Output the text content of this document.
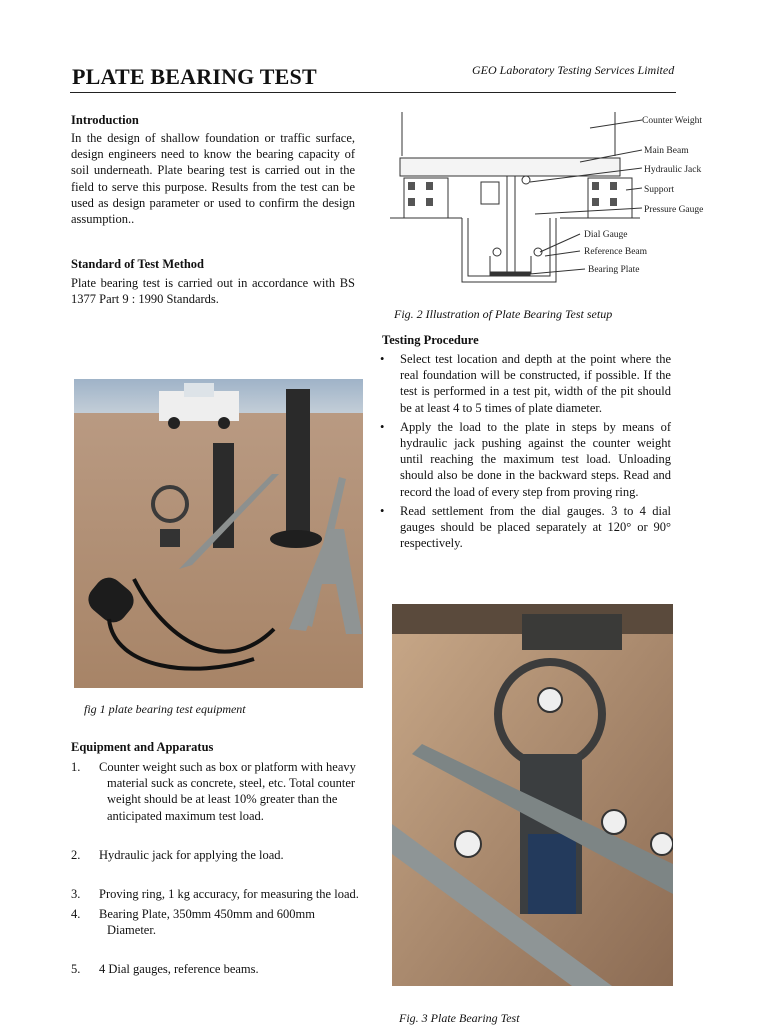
PLATE BEARING TEST	GEO Laboratory Testing Services Limited
Introduction
In the design of shallow foundation or traffic surface, design engineers need to know the bearing capacity of soil underneath. Plate bearing test is carried out in the field to serve this purpose. Results from the test can be used as design parameter or used to confirm the design assumption..
Standard of Test Method
Plate bearing test is carried out in accordance with BS 1377 Part 9 : 1990 Standards.
fig 1 plate bearing test equipment
Equipment and Apparatus
1. Counter weight such as box or platform with heavy material suck as concrete, steel, etc. Total counter weight should be at least 10% greater than the anticipated maximum test load.
2. Hydraulic jack for applying the load.
3. Proving ring, 1 kg accuracy, for measuring the load.
4. Bearing Plate, 350mm 450mm and 600mm Diameter.
5. 4 Dial gauges, reference beams.
Counter Weight
Main Beam
Hydraulic Jack
Support
Pressure Gauge
Dial Gauge
Reference Beam
Bearing Plate
Fig. 2 Illustration of Plate Bearing Test setup
Testing Procedure
• Select test location and depth at the point where the real foundation will be constructed, if possible. If the test is performed in a test pit, width of the pit should be at least 4 to 5 times of plate diameter.
• Apply the load to the plate in steps by means of hydraulic jack pushing against the counter weight until reaching the maximum test load. Unloading should also be done in the backward steps. Read and record the load of every step from proving ring.
• Read settlement from the dial gauges. 3 to 4 dial gauges should be placed separately at 120° or 90° respectively.
Fig. 3 Plate Bearing Test
